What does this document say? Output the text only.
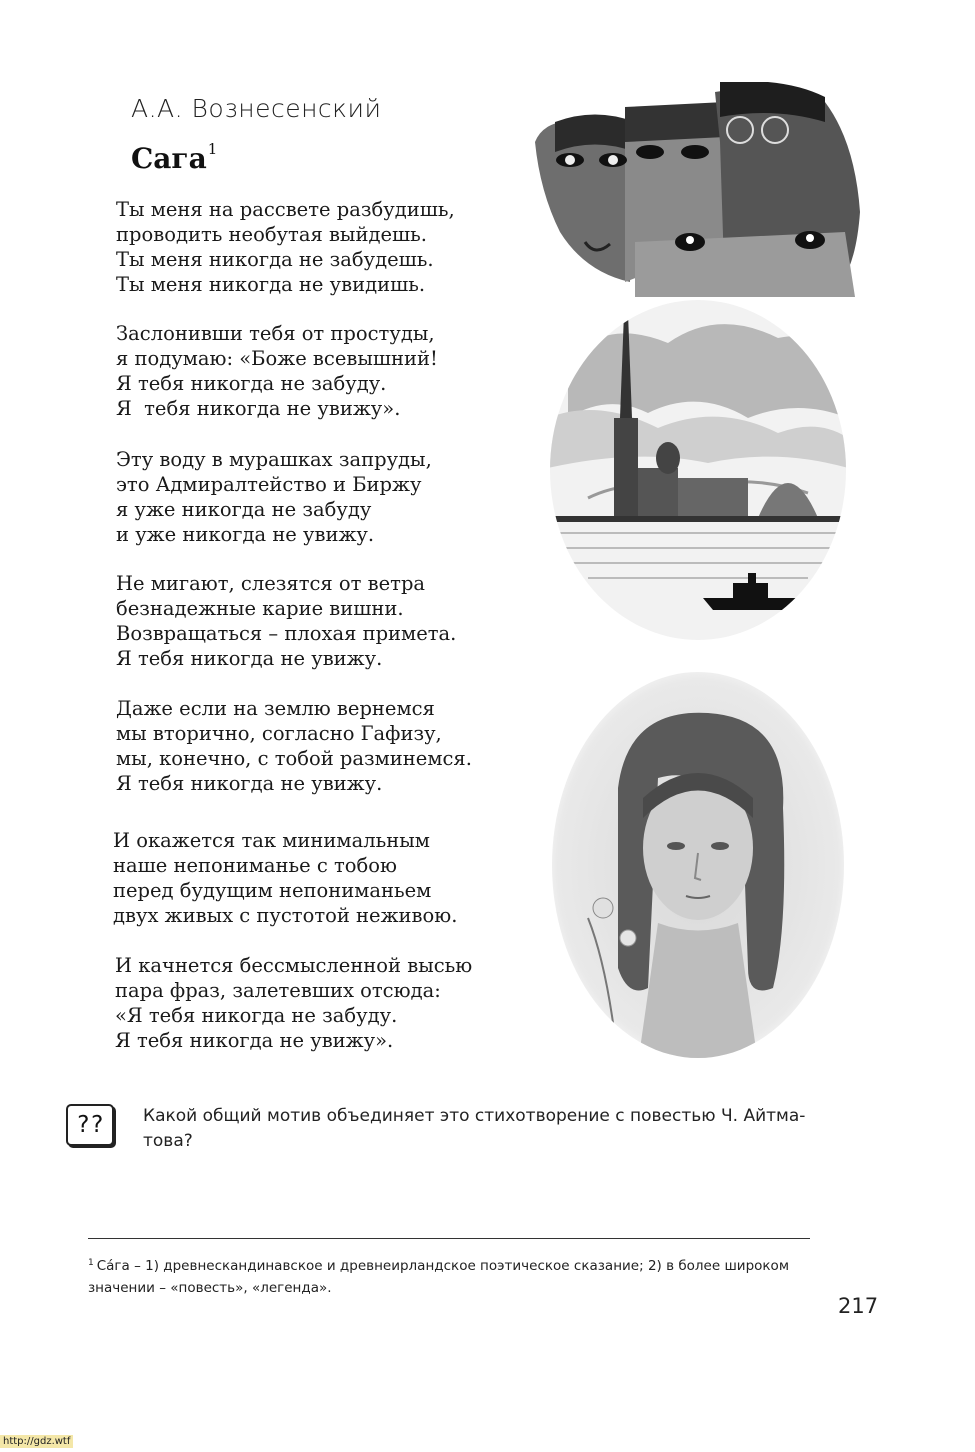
А.А. Вознесенский
Сага$^1$
Ты меня на рассвете разбудишь,
проводить необутая выйдешь.
Ты меня никогда не забудешь.
Ты меня никогда не увидишь.
Заслонивши тебя от простуды,
я подумаю: «Боже всевышний!
Я тебя никогда не забуду.
Я  тебя никогда не увижу».
Эту воду в мурашках запруды,
это Адмиралтейство и Биржу
я уже никогда не забуду
и уже никогда не увижу.
Не мигают, слезятся от ветра
безнадежные карие вишни.
Возвращаться – плохая примета.
Я тебя никогда не увижу.
Даже если на землю вернемся
мы вторично, согласно Гафизу,
мы, конечно, с тобой разминемся.
Я тебя никогда не увижу.
И окажется так минимальным
наше непониманье с тобою
перед будущим непониманьем
двух живых с пустотой неживою.
И качнется бессмысленной высью
пара фраз, залетевших отсюда:
«Я тебя никогда не забуду.
Я тебя никогда не увижу».
??	Какой общий мотив объединяет это стихотворение с повестью Ч. Айтма-това?
$^1$ Са́га – 1) древнескандинавское и древнеирландское поэтическое сказание; 2) в более широком значении – «повесть», «легенда».
217
http://gdz.wtf
